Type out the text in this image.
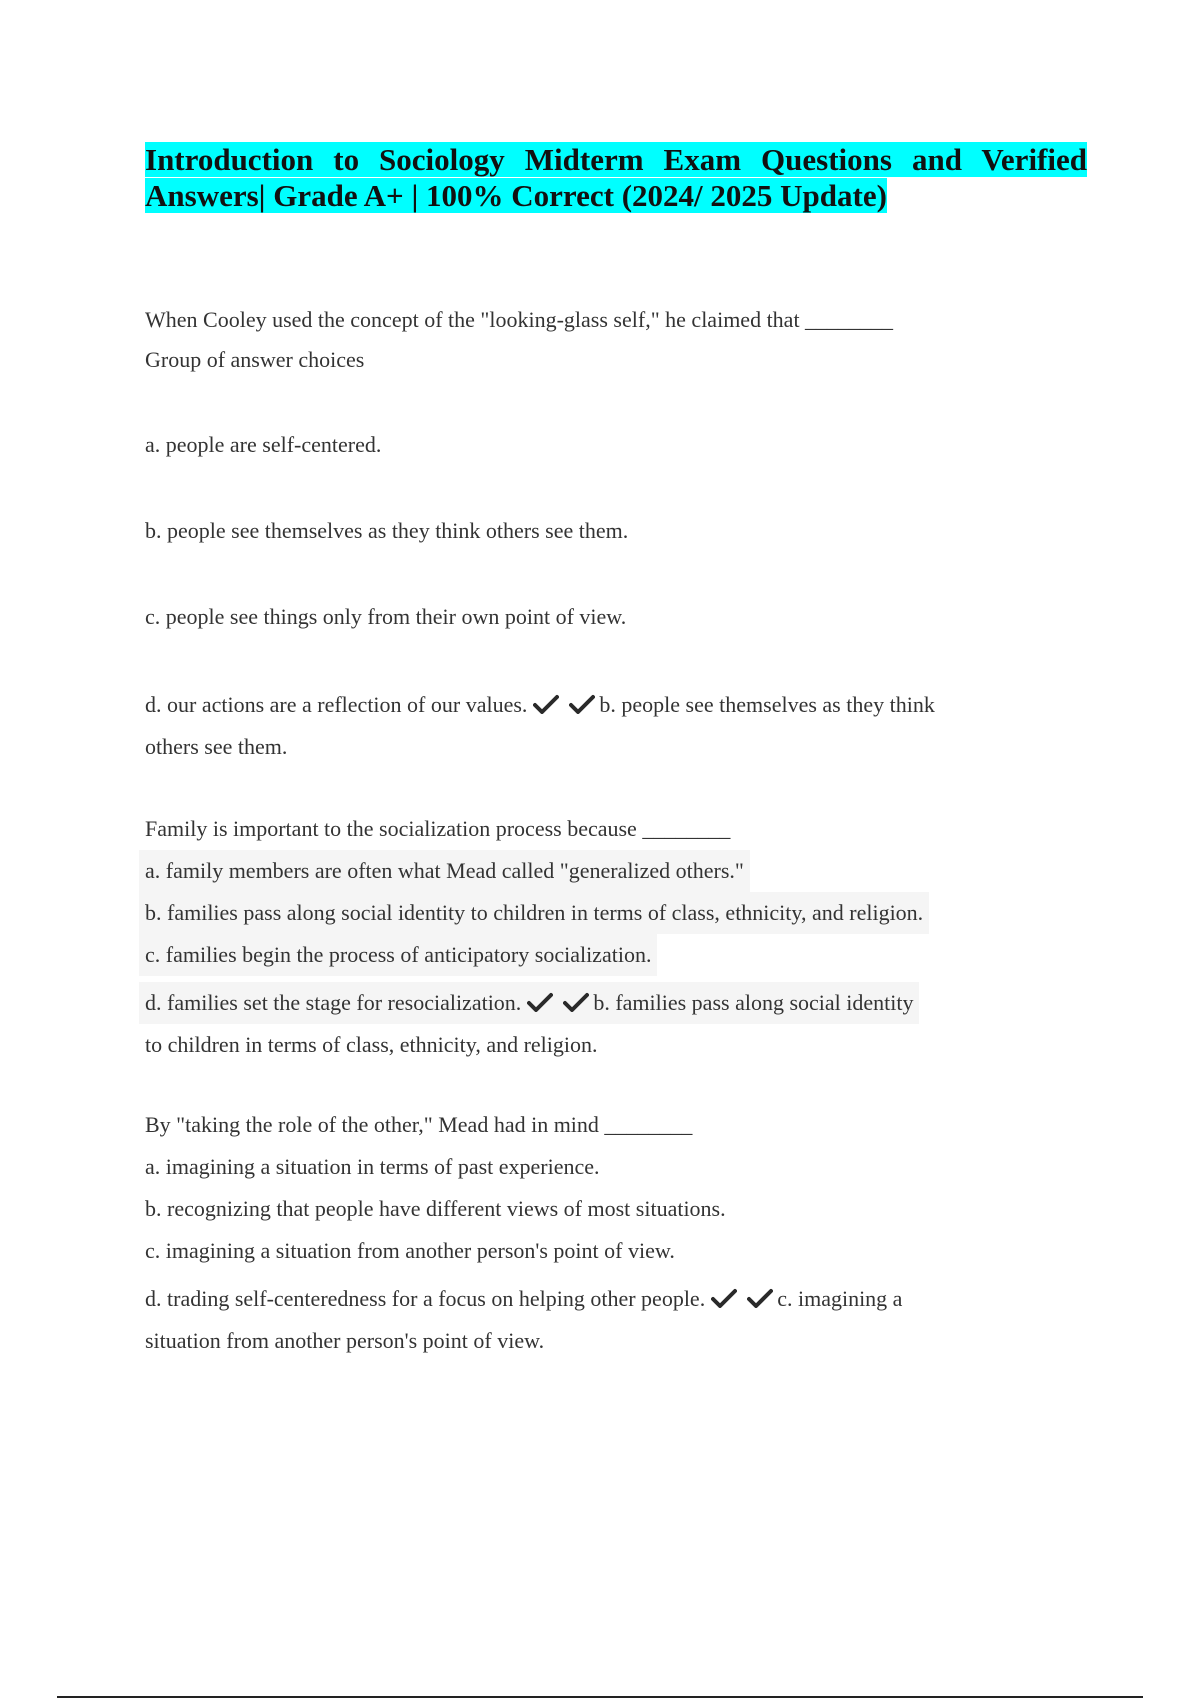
Introduction to Sociology Midterm Exam Questions and Verified Answers| Grade A+ | 100% Correct (2024/ 2025 Update)
When Cooley used the concept of the "looking-glass self," he claimed that ________
Group of answer choices
a. people are self-centered.
b. people see themselves as they think others see them.
c. people see things only from their own point of view.
d. our actions are a reflection of our values.	b. people see themselves as they think
others see them.
Family is important to the socialization process because ________
a. family members are often what Mead called "generalized others."
b. families pass along social identity to children in terms of class, ethnicity, and religion.
c. families begin the process of anticipatory socialization.
d. families set the stage for resocialization.	b. families pass along social identity
to children in terms of class, ethnicity, and religion.
By "taking the role of the other," Mead had in mind ________
a. imagining a situation in terms of past experience.
b. recognizing that people have different views of most situations.
c. imagining a situation from another person's point of view.
d. trading self-centeredness for a focus on helping other people.	c. imagining a
situation from another person's point of view.
